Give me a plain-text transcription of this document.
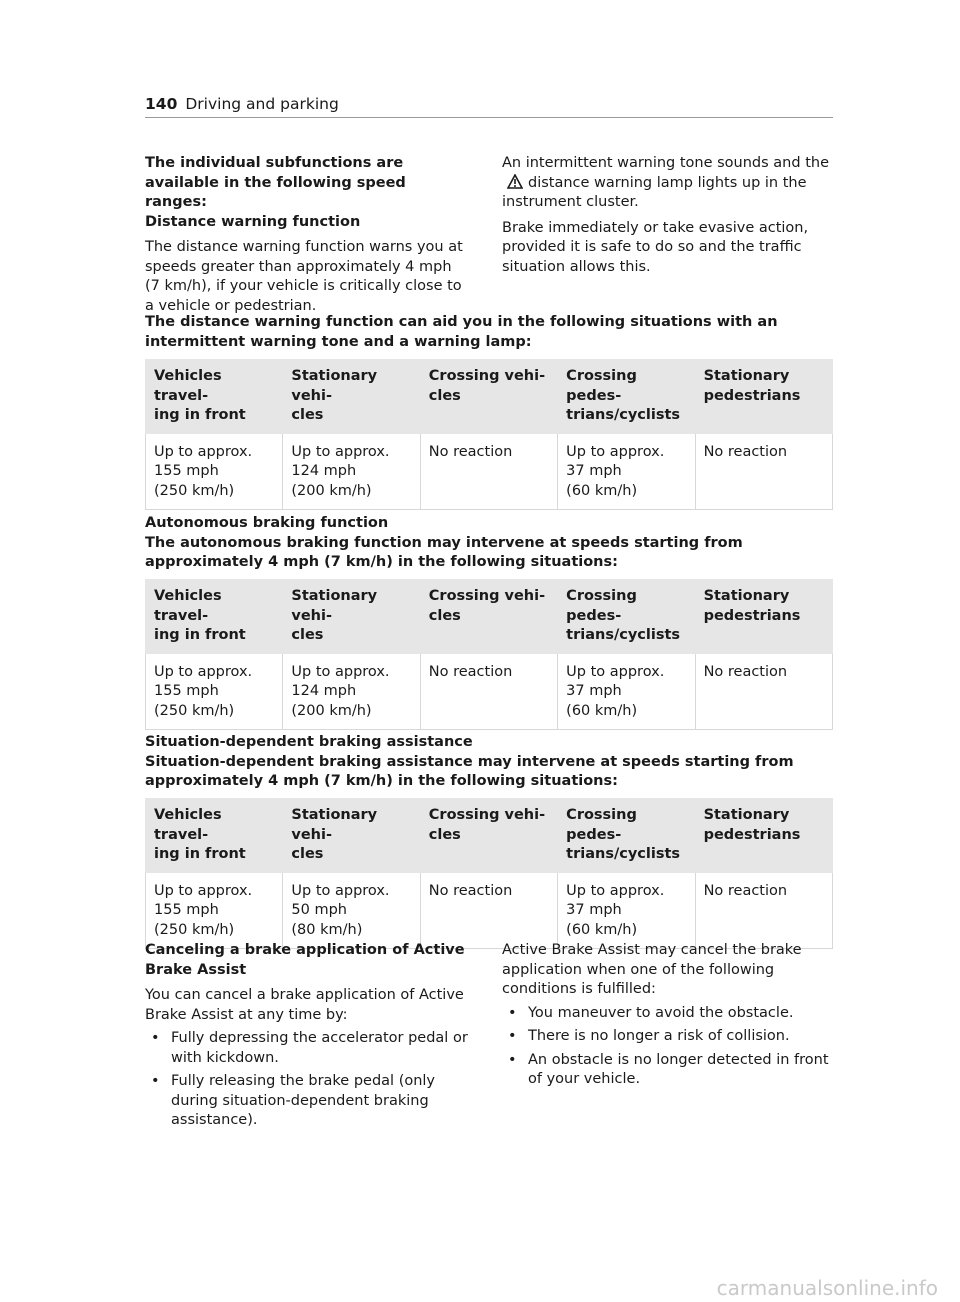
140 Driving and parking

The individual subfunctions are available in the following speed ranges:

Distance warning function

The distance warning function warns you at speeds greater than approximately 4 mph (7 km/h), if your vehicle is critically close to a vehicle or pedestrian.

An intermittent warning tone sounds and the
distance warning lamp lights up in the instrument cluster.

Brake immediately or take evasive action, provided it is safe to do so and the traffic situation allows this.

The distance warning function can aid you in the following situations with an intermittent warning tone and a warning lamp:

Vehicles travel-
ing in front	Stationary vehi-
cles	Crossing vehi-
cles	Crossing pedes-
trians/cyclists	Stationary
pedestrians
Up to approx.
155 mph
(250 km/h)	Up to approx.
124 mph
(200 km/h)	No reaction	Up to approx.
37 mph
(60 km/h)	No reaction

Autonomous braking function

The autonomous braking function may intervene at speeds starting from approximately 4 mph (7 km/h) in the following situations:

Vehicles travel-
ing in front	Stationary vehi-
cles	Crossing vehi-
cles	Crossing pedes-
trians/cyclists	Stationary
pedestrians
Up to approx.
155 mph
(250 km/h)	Up to approx.
124 mph
(200 km/h)	No reaction	Up to approx.
37 mph
(60 km/h)	No reaction

Situation-dependent braking assistance

Situation-dependent braking assistance may intervene at speeds starting from approximately 4 mph (7 km/h) in the following situations:

Vehicles travel-
ing in front	Stationary vehi-
cles	Crossing vehi-
cles	Crossing pedes-
trians/cyclists	Stationary
pedestrians
Up to approx.
155 mph
(250 km/h)	Up to approx.
50 mph
(80 km/h)	No reaction	Up to approx.
37 mph
(60 km/h)	No reaction

Canceling a brake application of Active Brake Assist

You can cancel a brake application of Active Brake Assist at any time by:

• Fully depressing the accelerator pedal or with kickdown.
• Fully releasing the brake pedal (only during situation-dependent braking assistance).

Active Brake Assist may cancel the brake application when one of the following conditions is fulfilled:

• You maneuver to avoid the obstacle.
• There is no longer a risk of collision.
• An obstacle is no longer detected in front of your vehicle.
carmanualsonline.info
